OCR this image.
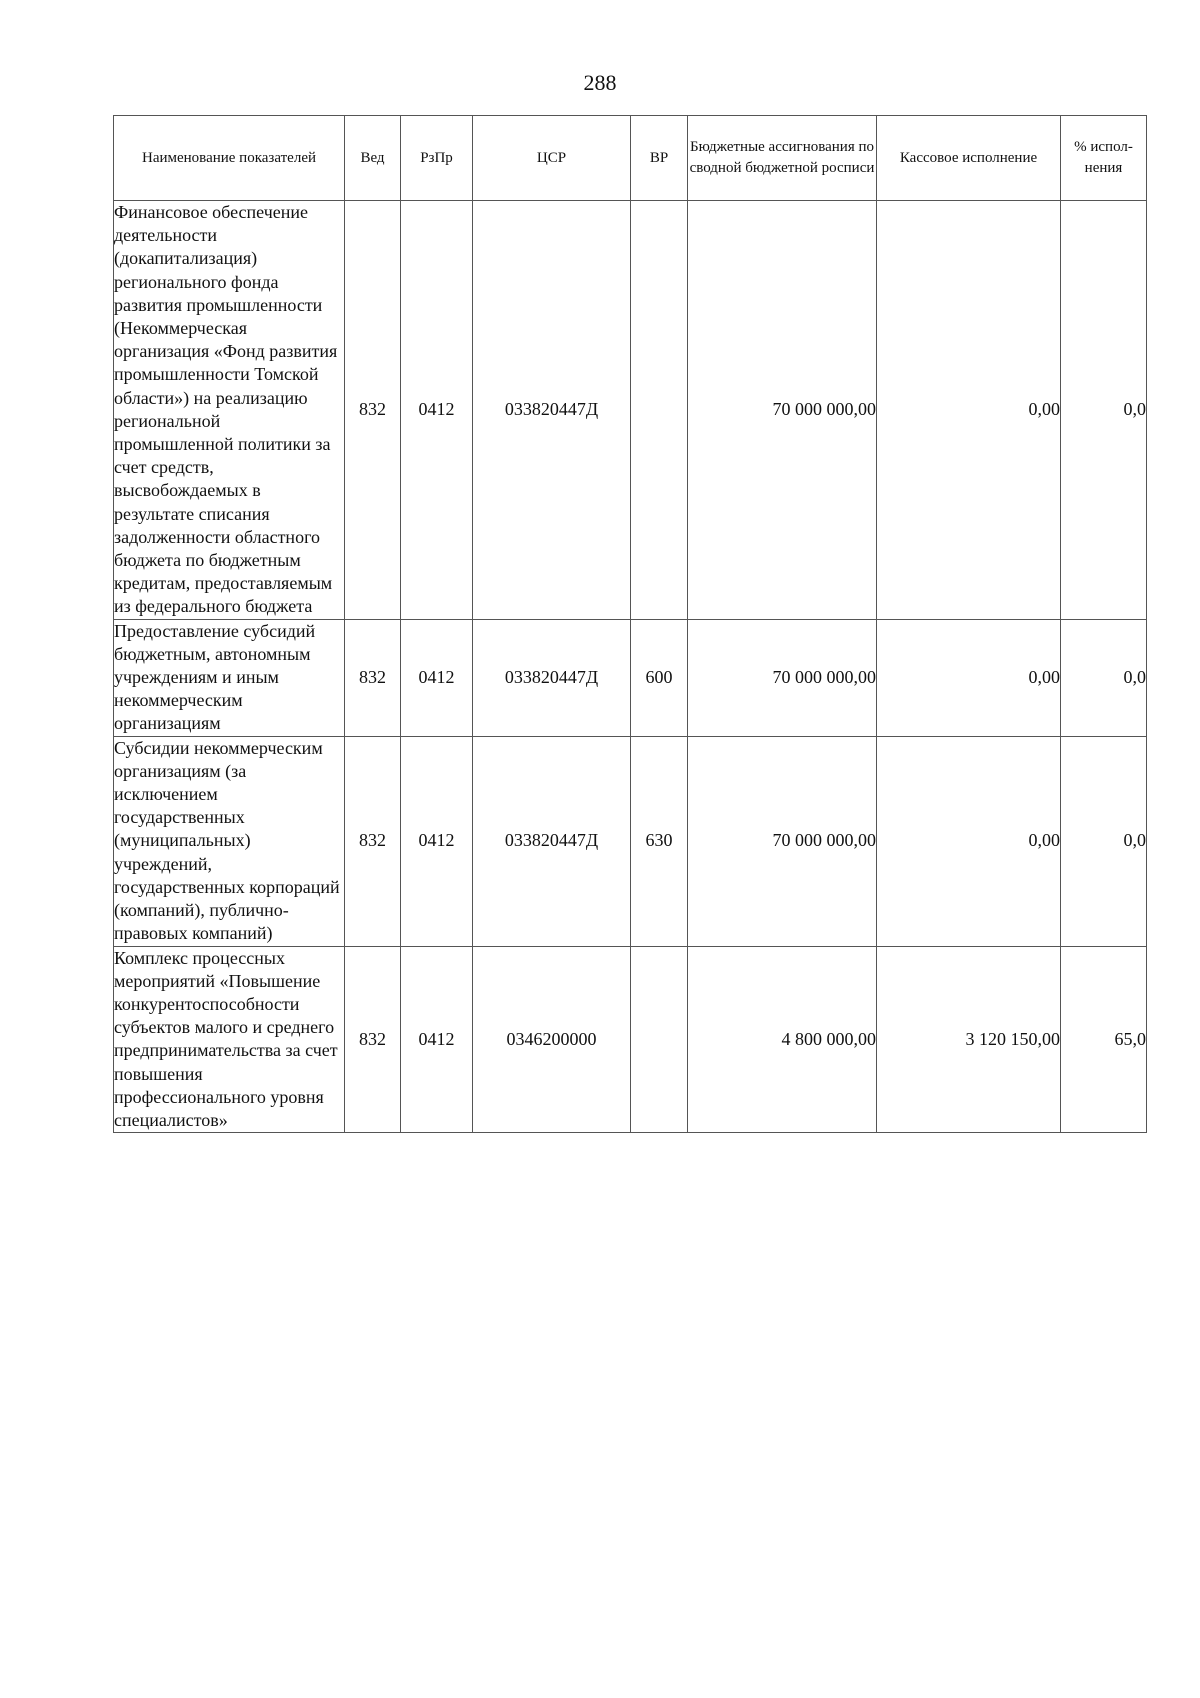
288
Наименование показателей	Вед	РзПр	ЦСР	ВР	Бюджетные ассигнования по сводной бюджетной росписи	Кассовое исполнение	% испол-нения
Финансовое обеспечение деятельности (докапитализация) регионального фонда развития промышленности (Некоммерческая организация «Фонд развития промышленности Томской области») на реализацию региональной промышленной политики за счет средств, высвобождаемых в результате списания задолженности областного бюджета по бюджетным кредитам, предоставляемым из федерального бюджета	832	0412	033820447Д		70 000 000,00	0,00	0,0
Предоставление субсидий бюджетным, автономным учреждениям и иным некоммерческим организациям	832	0412	033820447Д	600	70 000 000,00	0,00	0,0
Субсидии некоммерческим организациям (за исключением государственных (муниципальных) учреждений, государственных корпораций (компаний), публично-правовых компаний)	832	0412	033820447Д	630	70 000 000,00	0,00	0,0
Комплекс процессных мероприятий «Повышение конкурентоспособности субъектов малого и среднего предпринимательства за счет повышения профессионального уровня специалистов»	832	0412	0346200000		4 800 000,00	3 120 150,00	65,0
